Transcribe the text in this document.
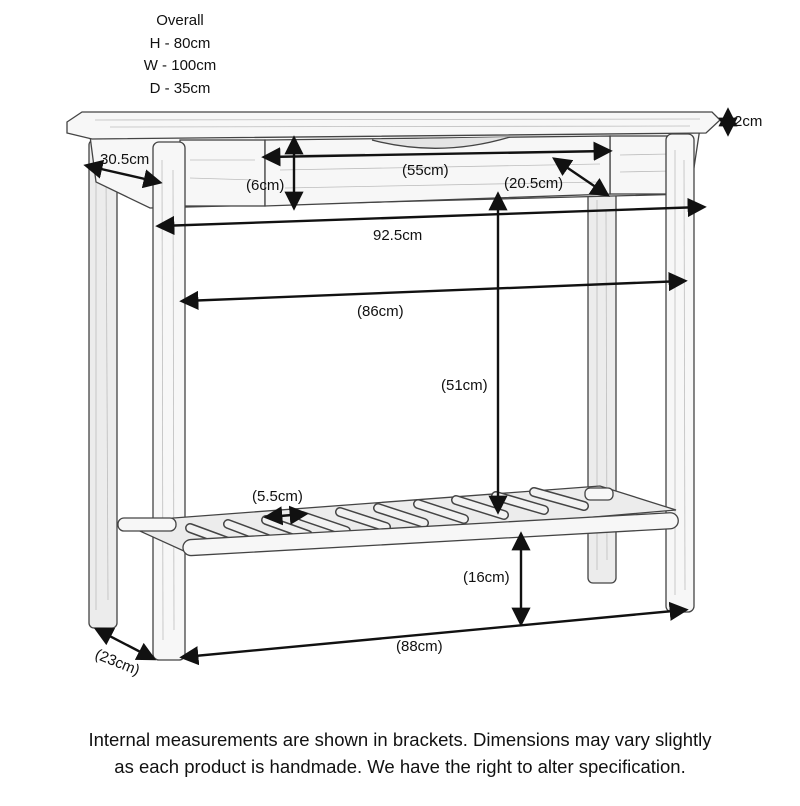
2cm
30.5cm
(55cm)
(6cm)	(20.5cm)
92.5cm
(86cm)
(51cm)
(5.5cm)
(16cm)
(23cm)	(88cm)
Overall
H - 80cm
W - 100cm
D - 35cm
Internal measurements are shown in brackets. Dimensions may vary slightly
as each product is handmade. We have the right to alter specification.
